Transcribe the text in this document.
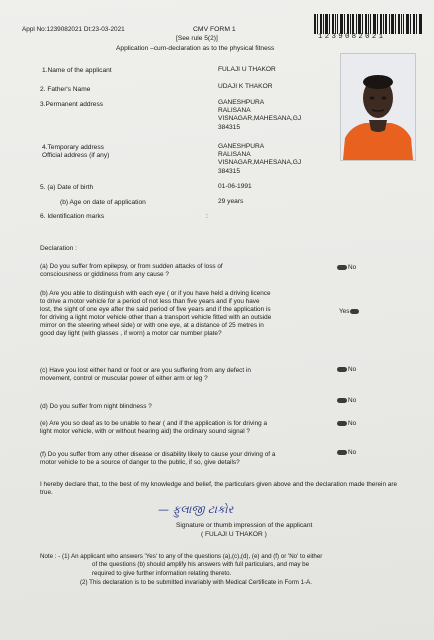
Appl No:1239082021 Dt:23-03-2021	CMV FORM 1
[See rule 5(2)]
Application –cum-declaration as to the physical fitness
1239082021
1.Name of the applicant	FULAJI U THAKOR
2. Father's Name	UDAJI K THAKOR
3.Permanent address	GANESHPURA
RALISANA
VISNAGAR,MAHESANA,GJ
384315
4.Temporary address
Official address (if any)
GANESHPURA
RALISANA
VISNAGAR,MAHESANA,GJ
384315
5. (a) Date of birth	01-06-1991
(b) Age on date of application	29 years
6. Identification marks	:
Declaration :
(a) Do you suffer from epilepsy, or from sudden attacks of loss of consciousness or giddiness from any cause ?
No
(b) Are you able to distinguish with each eye ( or if you have held a driving licence to drive a motor vehicle for a period of not less than five years and if you have lost, the sight of one eye after the said period of five years and if the application is for driving a light motor vehicle other than a transport vehicle fitted with an outside mirror on the steering wheel side) or with one eye, at a distance of 25 metres in good day light (with glasses , if worn) a motor car number plate?
Yes
(c) Have you lost either hand or foot or are you suffering from any defect in movement, control or muscular power of either arm or leg ?
No
(d) Do you suffer from night blindness ?
No
(e) Are you so deaf as to be unable to hear ( and if the application is for driving a light motor vehicle, with or without hearing aid) the ordinary sound signal ?
No
(f) Do you suffer from any other disease or disability likely to cause your driving of a motor vehicle to be a source of danger to the public, if so, give details?
No
I hereby declare that, to the best of my knowledge and belief, the particulars given above and the declaration made therein are true.
— ફુલાજી ટાકોર
Signature or thumb impression of the applicant
( FULAJI U THAKOR )
Note : - (1) An applicant who answers 'Yes' to any of the questions (a),(c),(d), (e) and (f) or 'No' to either
of the questions (b) should amplify his answers with full particulars, and may be
required to give further information relating thereto.
(2) This declaration is to be submitted invariably with Medical Certificate in Form 1-A.
